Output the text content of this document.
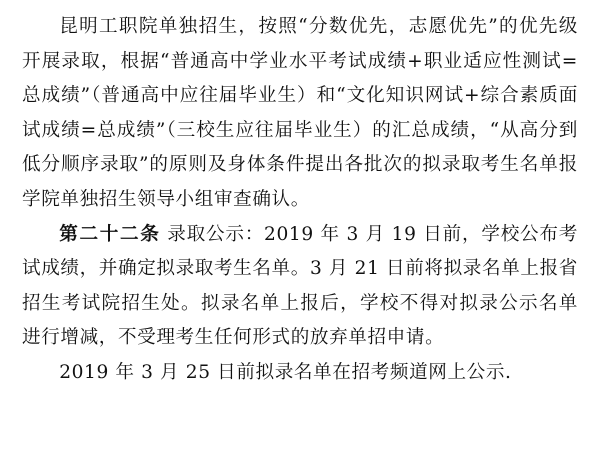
昆明工职院单独招生，按照“分数优先，志愿优先”的优先级开展录取，根据“普通高中学业水平考试成绩+职业适应性测试=总成绩”（普通高中应往届毕业生）和“文化知识网试+综合素质面试成绩=总成绩”（三校生应往届毕业生）的汇总成绩，“从高分到低分顺序录取”的原则及身体条件提出各批次的拟录取考生名单报学院单独招生领导小组审查确认。

第二十二条 录取公示：2019 年 3 月 19 日前，学校公布考试成绩，并确定拟录取考生名单。3 月 21 日前将拟录名单上报省招生考试院招生处。拟录名单上报后，学校不得对拟录公示名单进行增减，不受理考生任何形式的放弃单招申请。

2019 年 3 月 25 日前拟录名单在招考频道网上公示.
